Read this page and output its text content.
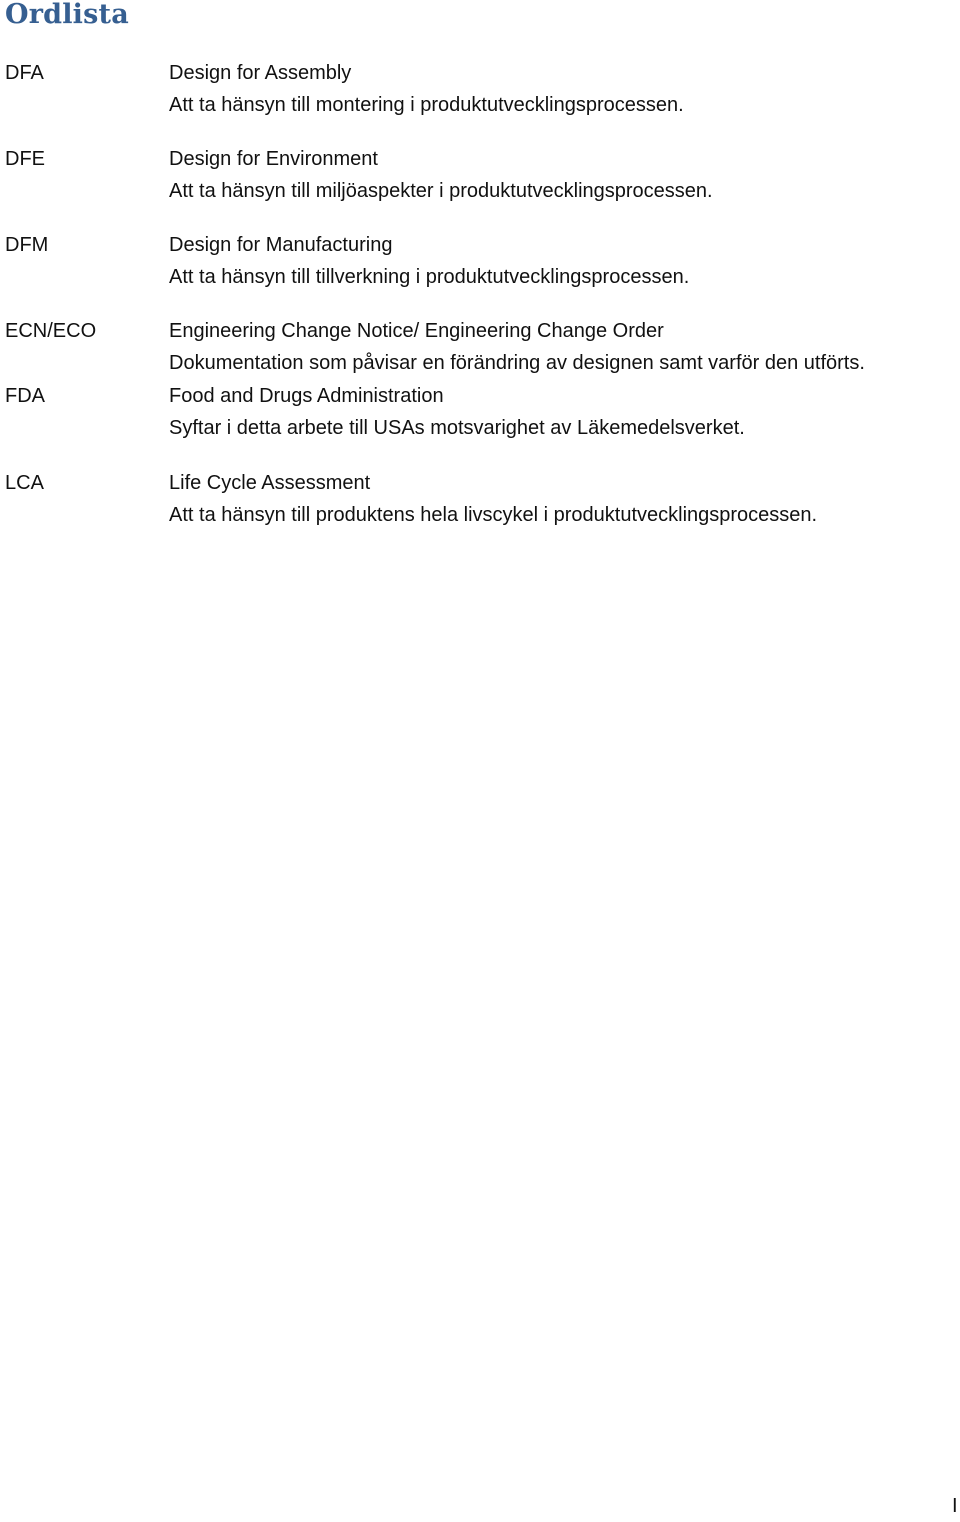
Ordlista
DFA	Design for Assembly
Att ta hänsyn till montering i produktutvecklingsprocessen.
DFE	Design for Environment
Att ta hänsyn till miljöaspekter i produktutvecklingsprocessen.
DFM	Design for Manufacturing
Att ta hänsyn till tillverkning i produktutvecklingsprocessen.
ECN/ECO	Engineering Change Notice/ Engineering Change Order
Dokumentation som påvisar en förändring av designen samt varför den utförts.
FDA	Food and Drugs Administration
Syftar i detta arbete till USAs motsvarighet av Läkemedelsverket.
LCA	Life Cycle Assessment
Att ta hänsyn till produktens hela livscykel i produktutvecklingsprocessen.
I
